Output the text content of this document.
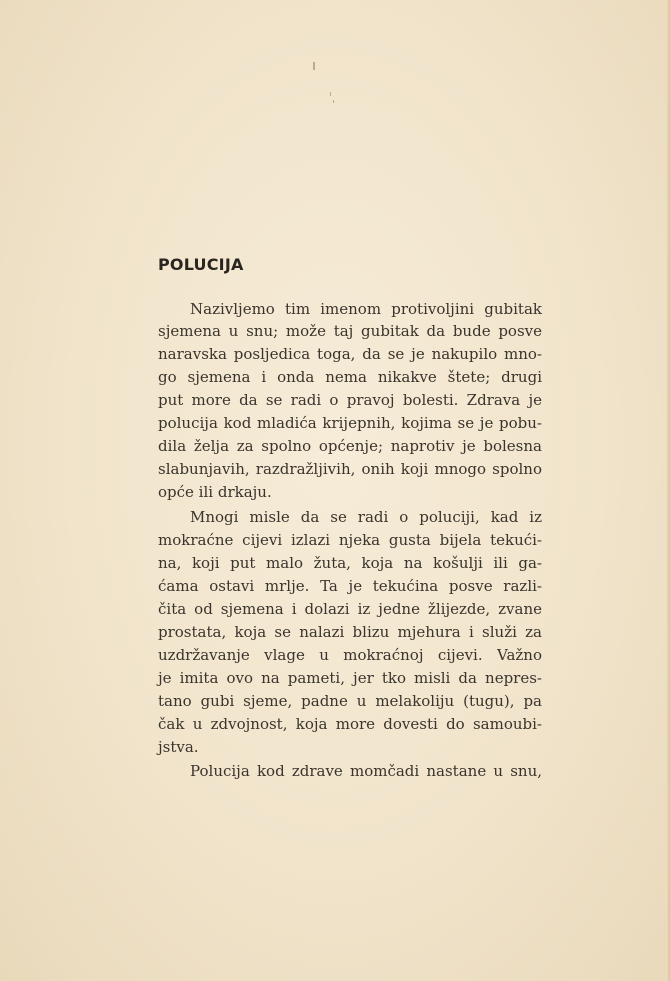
POLUCIJA

Nazivljemo tim imenom protivoljini gubitak

sjemena u snu; može taj gubitak da bude posve

naravska posljedica toga, da se je nakupilo mno-

go sjemena i onda nema nikakve štete; drugi

put more da se radi o pravoj bolesti. Zdrava je

polucija kod mladića krijepnih, kojima se je pobu-

dila želja za spolno općenje; naprotiv je bolesna

slabunjavih, razdražljivih, onih koji mnogo spolno

opće ili drkaju.

Mnogi misle da se radi o poluciji, kad iz

mokraćne cijevi izlazi njeka gusta bijela tekući-

na, koji put malo žuta, koja na košulji ili ga-

ćama ostavi mrlje. Ta je tekućina posve razli-

čita od sjemena i dolazi iz jedne žlijezde, zvane

prostata, koja se nalazi blizu mjehura i služi za

uzdržavanje vlage u mokraćnoj cijevi. Važno

je imita ovo na pameti, jer tko misli da nepres-

tano gubi sjeme, padne u melakoliju (tugu), pa

čak u zdvojnost, koja more dovesti do samoubi-

jstva.

Polucija kod zdrave momčadi nastane u snu,
